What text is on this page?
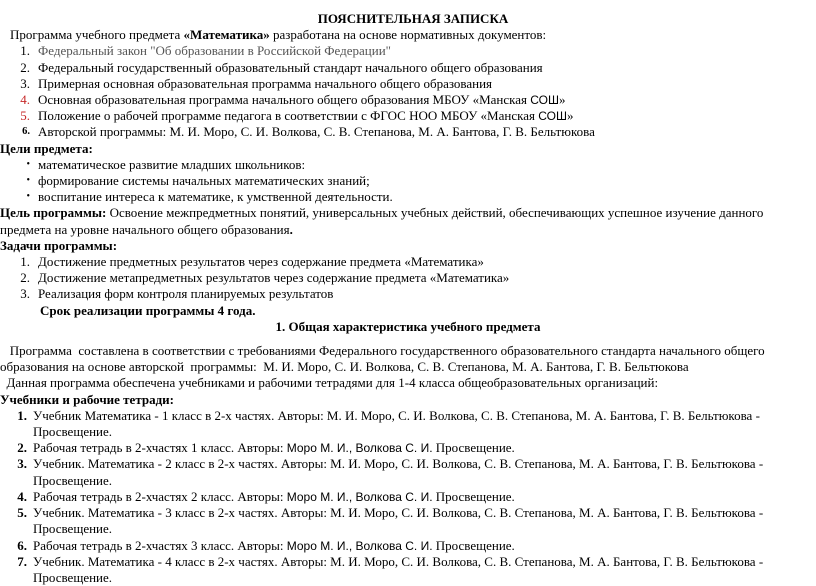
ПОЯСНИТЕЛЬНАЯ ЗАПИСКА

Программа учебного предмета «Математика» разработана на основе нормативных документов:

1. Федеральный закон "Об образовании в Российской Федерации"
2. Федеральный государственный образовательный стандарт начального общего образования
3. Примерная основная образовательная программа начального общего образования
4. Основная образовательная программа начального общего образования МБОУ «Манская СОШ»
5. Положение о рабочей программе педагога в соответствии с ФГОС НОО МБОУ «Манская СОШ»
6. Авторской программы: М. И. Моро, С. И. Волкова, С. В. Степанова, М. А. Бантова, Г. В. Бельтюкова
Цели предмета:
• математическое развитие младших школьников:
• формирование системы начальных математических знаний;
• воспитание интереса к математике, к умственной деятельности.

Цель программы: Освоение межпредметных понятий, универсальных учебных действий, обеспечивающих успешное изучение данного предмета на уровне начального общего образования.

Задачи программы:
1. Достижение предметных результатов через содержание предмета «Математика»
2. Достижение метапредметных результатов через содержание предмета «Математика»
3. Реализация форм контроля планируемых результатов
Срок реализации программы 4 года.
1. Общая характеристика учебного предмета

Программа  составлена в соответствии с требованиями Федерального государственного образовательного стандарта начального общего образования на основе авторской  программы:  М. И. Моро, С. И. Волкова, С. В. Степанова, М. А. Бантова, Г. В. Бельтюкова

Данная программа обеспечена учебниками и рабочими тетрадями для 1-4 класса общеобразовательных организаций:

Учебники и рабочие тетради:
1. Учебник Математика - 1 класс в 2-х частях. Авторы: М. И. Моро, С. И. Волкова, С. В. Степанова, М. А. Бантова, Г. В. Бельтюкова - Просвещение.
2. Рабочая тетрадь в 2-хчастях 1 класс. Авторы: Моро М. И., Волкова С. И. Просвещение.
3. Учебник. Математика - 2 класс в 2-х частях. Авторы: М. И. Моро, С. И. Волкова, С. В. Степанова, М. А. Бантова, Г. В. Бельтюкова - Просвещение.
4. Рабочая тетрадь в 2-хчастях 2 класс. Авторы: Моро М. И., Волкова С. И. Просвещение.
5. Учебник. Математика - 3 класс в 2-х частях. Авторы: М. И. Моро, С. И. Волкова, С. В. Степанова, М. А. Бантова, Г. В. Бельтюкова - Просвещение.
6. Рабочая тетрадь в 2-хчастях 3 класс. Авторы: Моро М. И., Волкова С. И. Просвещение.
7. Учебник. Математика - 4 класс в 2-х частях. Авторы: М. И. Моро, С. И. Волкова, С. В. Степанова, М. А. Бантова, Г. В. Бельтюкова - Просвещение.
